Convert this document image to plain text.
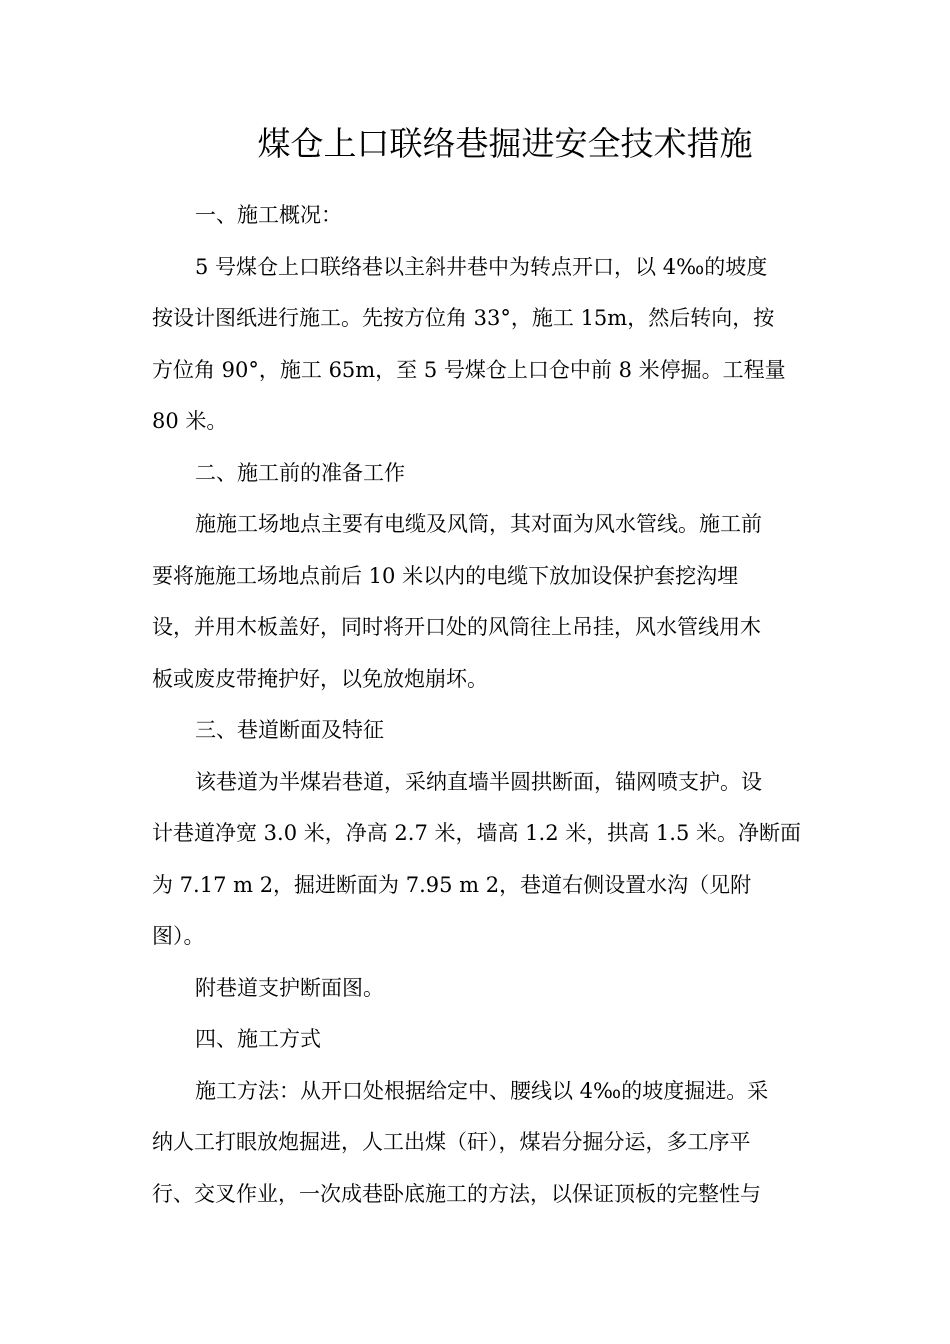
煤仓上口联络巷掘进安全技术措施
一、施工概况：
5 号煤仓上口联络巷以主斜井巷中为转点开口，以 4‰的坡度
按设计图纸进行施工。先按方位角 33°，施工 15m，然后转向，按
方位角 90°，施工 65m，至 5 号煤仓上口仓中前 8 米停掘。工程量
80 米。
二、施工前的准备工作
施施工场地点主要有电缆及风筒，其对面为风水管线。施工前
要将施施工场地点前后 10 米以内的电缆下放加设保护套挖沟埋
设，并用木板盖好，同时将开口处的风筒往上吊挂，风水管线用木
板或废皮带掩护好，以免放炮崩坏。
三、巷道断面及特征
该巷道为半煤岩巷道，采纳直墙半圆拱断面，锚网喷支护。设
计巷道净宽 3.0 米，净高 2.7 米，墙高 1.2 米，拱高 1.5 米。净断面
为 7.17 m 2，掘进断面为 7.95 m 2，巷道右侧设置水沟（见附
图）。
附巷道支护断面图。
四、施工方式
施工方法：从开口处根据给定中、腰线以 4‰的坡度掘进。采
纳人工打眼放炮掘进，人工出煤（矸），煤岩分掘分运，多工序平
行、交叉作业，一次成巷卧底施工的方法，以保证顶板的完整性与
